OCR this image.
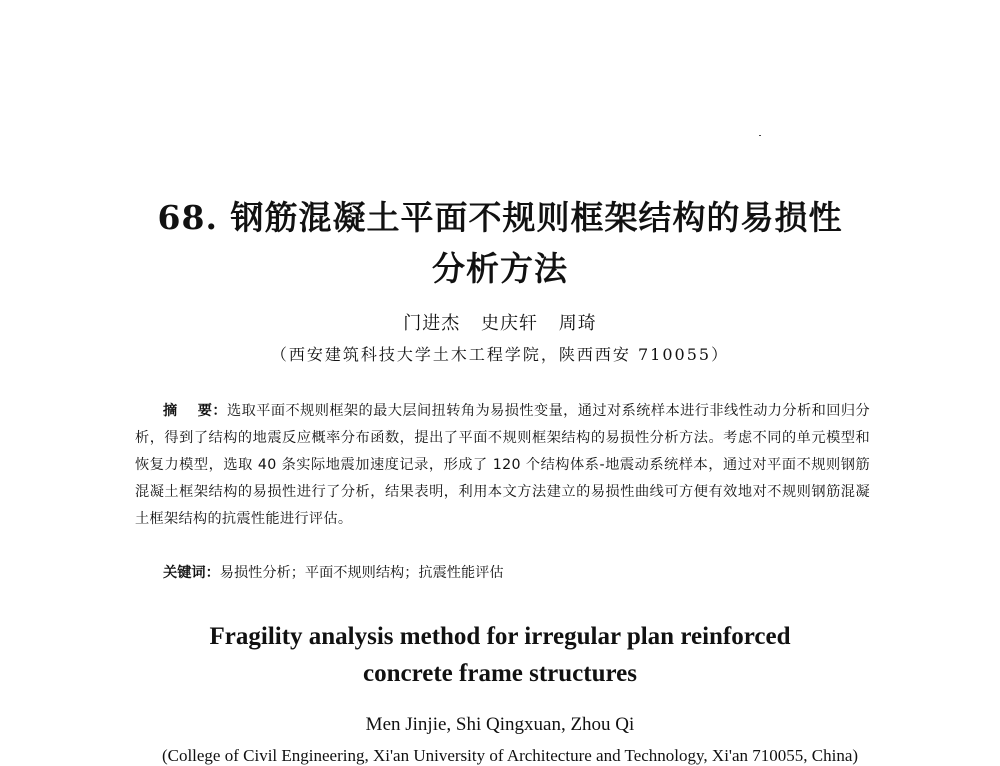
68. 钢筋混凝土平面不规则框架结构的易损性
分析方法
门进杰 史庆轩 周琦
（西安建筑科技大学土木工程学院，陕西西安 710055）
摘 要：选取平面不规则框架的最大层间扭转角为易损性变量，通过对系统样本进行非线性动力分析和回归分析，得到了结构的地震反应概率分布函数，提出了平面不规则框架结构的易损性分析方法。考虑不同的单元模型和恢复力模型，选取 40 条实际地震加速度记录，形成了 120 个结构体系-地震动系统样本，通过对平面不规则钢筋混凝土框架结构的易损性进行了分析，结果表明，利用本文方法建立的易损性曲线可方便有效地对不规则钢筋混凝土框架结构的抗震性能进行评估。
关键词：易损性分析；平面不规则结构；抗震性能评估
Fragility analysis method for irregular plan reinforced
concrete frame structures
Men Jinjie, Shi Qingxuan, Zhou Qi
(College of Civil Engineering, Xi'an University of Architecture and Technology, Xi'an 710055, China)
